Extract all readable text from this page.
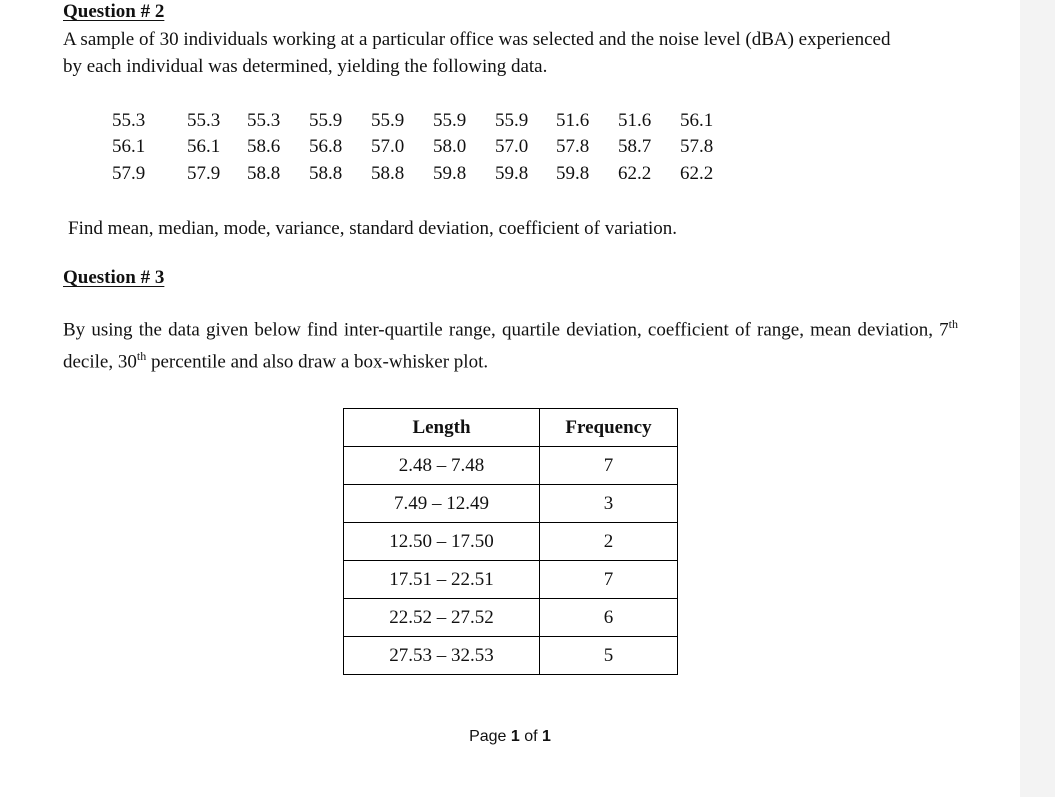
Question # 2
A sample of 30 individuals working at a particular office was selected and the noise level (dBA) experienced
by each individual was determined, yielding the following data.
55.3	55.3	55.3	55.9	55.9	55.9	55.9	51.6	51.6	56.1
56.1	56.1	58.6	56.8	57.0	58.0	57.0	57.8	58.7	57.8
57.9	57.9	58.8	58.8	58.8	59.8	59.8	59.8	62.2	62.2
Find mean, median, mode, variance, standard deviation, coefficient of variation.
Question # 3
By using the data given below find inter-quartile range, quartile deviation, coefficient of range, mean deviation, 7th decile, 30th percentile and also draw a box-whisker plot.
Length	Frequency
2.48 – 7.48	7
7.49 – 12.49	3
12.50 – 17.50	2
17.51 – 22.51	7
22.52 – 27.52	6
27.53 – 32.53	5
Page 1 of 1
